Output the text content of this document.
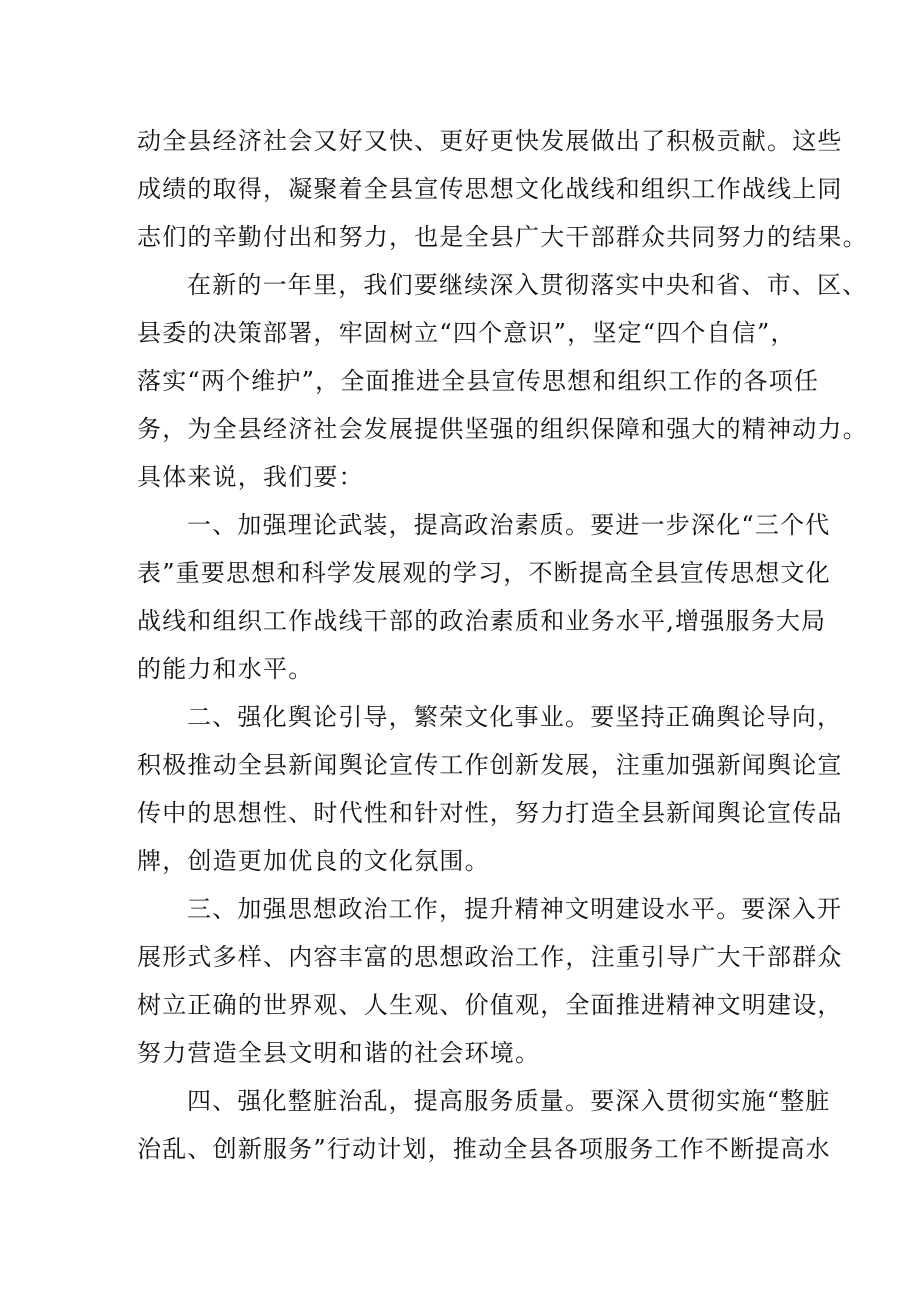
动全县经济社会又好又快、更好更快发展做出了积极贡献。这些
成绩的取得，凝聚着全县宣传思想文化战线和组织工作战线上同
志们的辛勤付出和努力，也是全县广大干部群众共同努力的结果。
在新的一年里，我们要继续深入贯彻落实中央和省、市、区、
县委的决策部署，牢固树立“四个意识”，坚定“四个自信”，
落实“两个维护”，全面推进全县宣传思想和组织工作的各项任
务，为全县经济社会发展提供坚强的组织保障和强大的精神动力。
具体来说，我们要：
一、加强理论武装，提高政治素质。要进一步深化“三个代
表”重要思想和科学发展观的学习，不断提高全县宣传思想文化
战线和组织工作战线干部的政治素质和业务水平,增强服务大局
的能力和水平。
二、强化舆论引导，繁荣文化事业。要坚持正确舆论导向，
积极推动全县新闻舆论宣传工作创新发展，注重加强新闻舆论宣
传中的思想性、时代性和针对性，努力打造全县新闻舆论宣传品
牌，创造更加优良的文化氛围。
三、加强思想政治工作，提升精神文明建设水平。要深入开
展形式多样、内容丰富的思想政治工作，注重引导广大干部群众
树立正确的世界观、人生观、价值观，全面推进精神文明建设，
努力营造全县文明和谐的社会环境。
四、强化整脏治乱，提高服务质量。要深入贯彻实施“整脏
治乱、创新服务”行动计划，推动全县各项服务工作不断提高水
